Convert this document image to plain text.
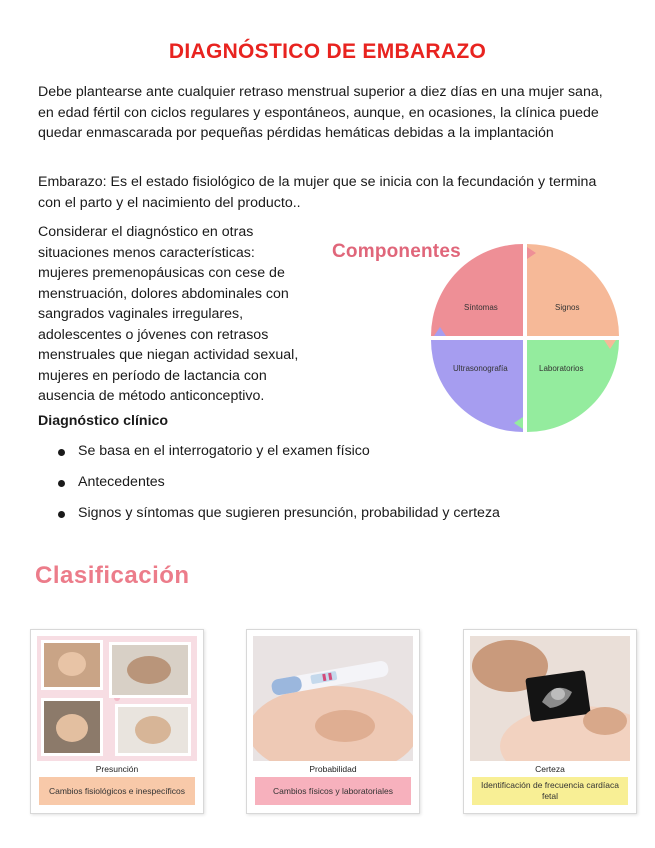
DIAGNÓSTICO DE EMBARAZO

Debe plantearse ante cualquier retraso menstrual superior a diez días en una mujer sana, en edad fértil con ciclos regulares y espontáneos, aunque, en ocasiones, la clínica puede quedar enmascarada por pequeñas pérdidas hemáticas debidas a la implantación

Embarazo: Es el estado fisiológico de la mujer que se inicia con la fecundación y termina con el parto y el nacimiento del producto..

Considerar el diagnóstico en otras
situaciones menos características:
mujeres premenopáusicas con cese de
menstruación, dolores abdominales con
sangrados vaginales irregulares,
adolescentes o jóvenes con retrasos
menstruales que niegan actividad sexual,
mujeres en período de lactancia con
ausencia de método anticonceptivo.

Componentes
Síntomas	Signos
Laboratorios
Ultrasonografía
Diagnóstico clínico
Se basa en el interrogatorio y el examen físico
Antecedentes
Signos y síntomas que sugieren presunción, probabilidad y certeza
Clasificación
Presunción
Cambios fisiológicos e inespecíficos
Probabilidad
Cambios físicos y laboratoriales
Certeza
Identificación de frecuencia cardíaca fetal
